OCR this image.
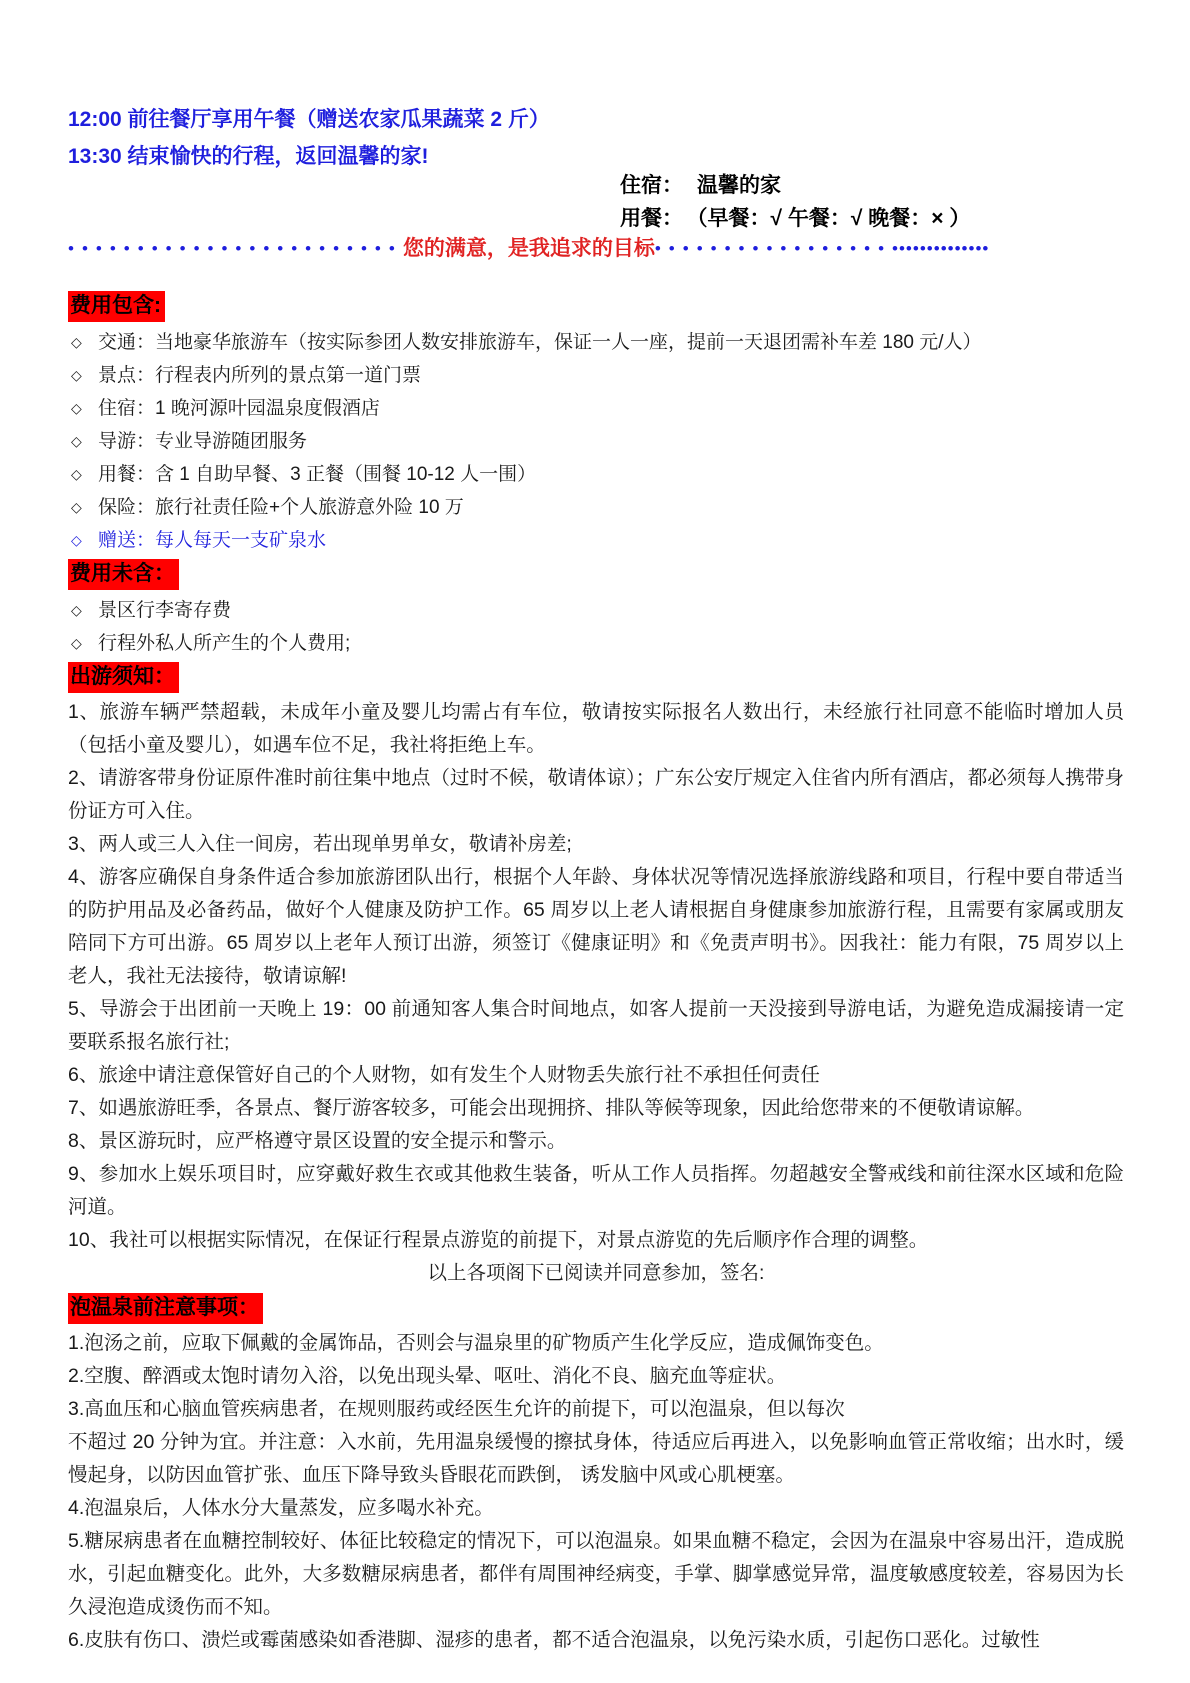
12:00 前往餐厅享用午餐（赠送农家瓜果蔬菜 2 斤）
13:30 结束愉快的行程，返回温馨的家!
住宿： 温馨的家
用餐： （早餐：√ 午餐：√ 晚餐：× ）
••••••••••••••••••••••••您的满意，是我追求的目标•••••••••••••••••••••••••••••••
费用包含:
◇ 交通：当地豪华旅游车（按实际参团人数安排旅游车，保证一人一座，提前一天退团需补车差 180 元/人）
◇ 景点：行程表内所列的景点第一道门票
◇ 住宿：1 晚河源叶园温泉度假酒店
◇ 导游：专业导游随团服务
◇ 用餐：含 1 自助早餐、3 正餐（围餐 10-12 人一围）
◇ 保险：旅行社责任险+个人旅游意外险 10 万
◇ 赠送：每人每天一支矿泉水
费用未含：
◇ 景区行李寄存费
◇ 行程外私人所产生的个人费用;
出游须知：

1、旅游车辆严禁超载，未成年小童及婴儿均需占有车位，敬请按实际报名人数出行，未经旅行社同意不能临时增加人员（包括小童及婴儿），如遇车位不足，我社将拒绝上车。

2、请游客带身份证原件准时前往集中地点（过时不候，敬请体谅）；广东公安厅规定入住省内所有酒店，都必须每人携带身份证方可入住。

3、两人或三人入住一间房，若出现单男单女，敬请补房差;

4、游客应确保自身条件适合参加旅游团队出行，根据个人年龄、身体状况等情况选择旅游线路和项目，行程中要自带适当的防护用品及必备药品，做好个人健康及防护工作。65 周岁以上老人请根据自身健康参加旅游行程，且需要有家属或朋友陪同下方可出游。65 周岁以上老年人预订出游，须签订《健康证明》和《免责声明书》。因我社：能力有限，75 周岁以上老人，我社无法接待，敬请谅解!

5、导游会于出团前一天晚上 19：00 前通知客人集合时间地点，如客人提前一天没接到导游电话，为避免造成漏接请一定要联系报名旅行社;

6、旅途中请注意保管好自己的个人财物，如有发生个人财物丢失旅行社不承担任何责任

7、如遇旅游旺季，各景点、餐厅游客较多，可能会出现拥挤、排队等候等现象，因此给您带来的不便敬请谅解。

8、景区游玩时，应严格遵守景区设置的安全提示和警示。

9、参加水上娱乐项目时，应穿戴好救生衣或其他救生装备，听从工作人员指挥。勿超越安全警戒线和前往深水区域和危险河道。

10、我社可以根据实际情况，在保证行程景点游览的前提下，对景点游览的先后顺序作合理的调整。

以上各项阁下已阅读并同意参加，签名:
泡温泉前注意事项：

1.泡汤之前，应取下佩戴的金属饰品，否则会与温泉里的矿物质产生化学反应，造成佩饰变色。

2.空腹、醉酒或太饱时请勿入浴，以免出现头晕、呕吐、消化不良、脑充血等症状。

3.高血压和心脑血管疾病患者，在规则服药或经医生允许的前提下，可以泡温泉，但以每次

不超过 20 分钟为宜。并注意：入水前，先用温泉缓慢的擦拭身体，待适应后再进入，以免影响血管正常收缩；出水时，缓慢起身，以防因血管扩张、血压下降导致头昏眼花而跌倒， 诱发脑中风或心肌梗塞。

4.泡温泉后，人体水分大量蒸发，应多喝水补充。

5.糖尿病患者在血糖控制较好、体征比较稳定的情况下，可以泡温泉。如果血糖不稳定，会因为在温泉中容易出汗，造成脱水，引起血糖变化。此外，大多数糖尿病患者，都伴有周围神经病变，手掌、脚掌感觉异常，温度敏感度较差，容易因为长久浸泡造成烫伤而不知。

6.皮肤有伤口、溃烂或霉菌感染如香港脚、湿疹的患者，都不适合泡温泉，以免污染水质，引起伤口恶化。过敏性
